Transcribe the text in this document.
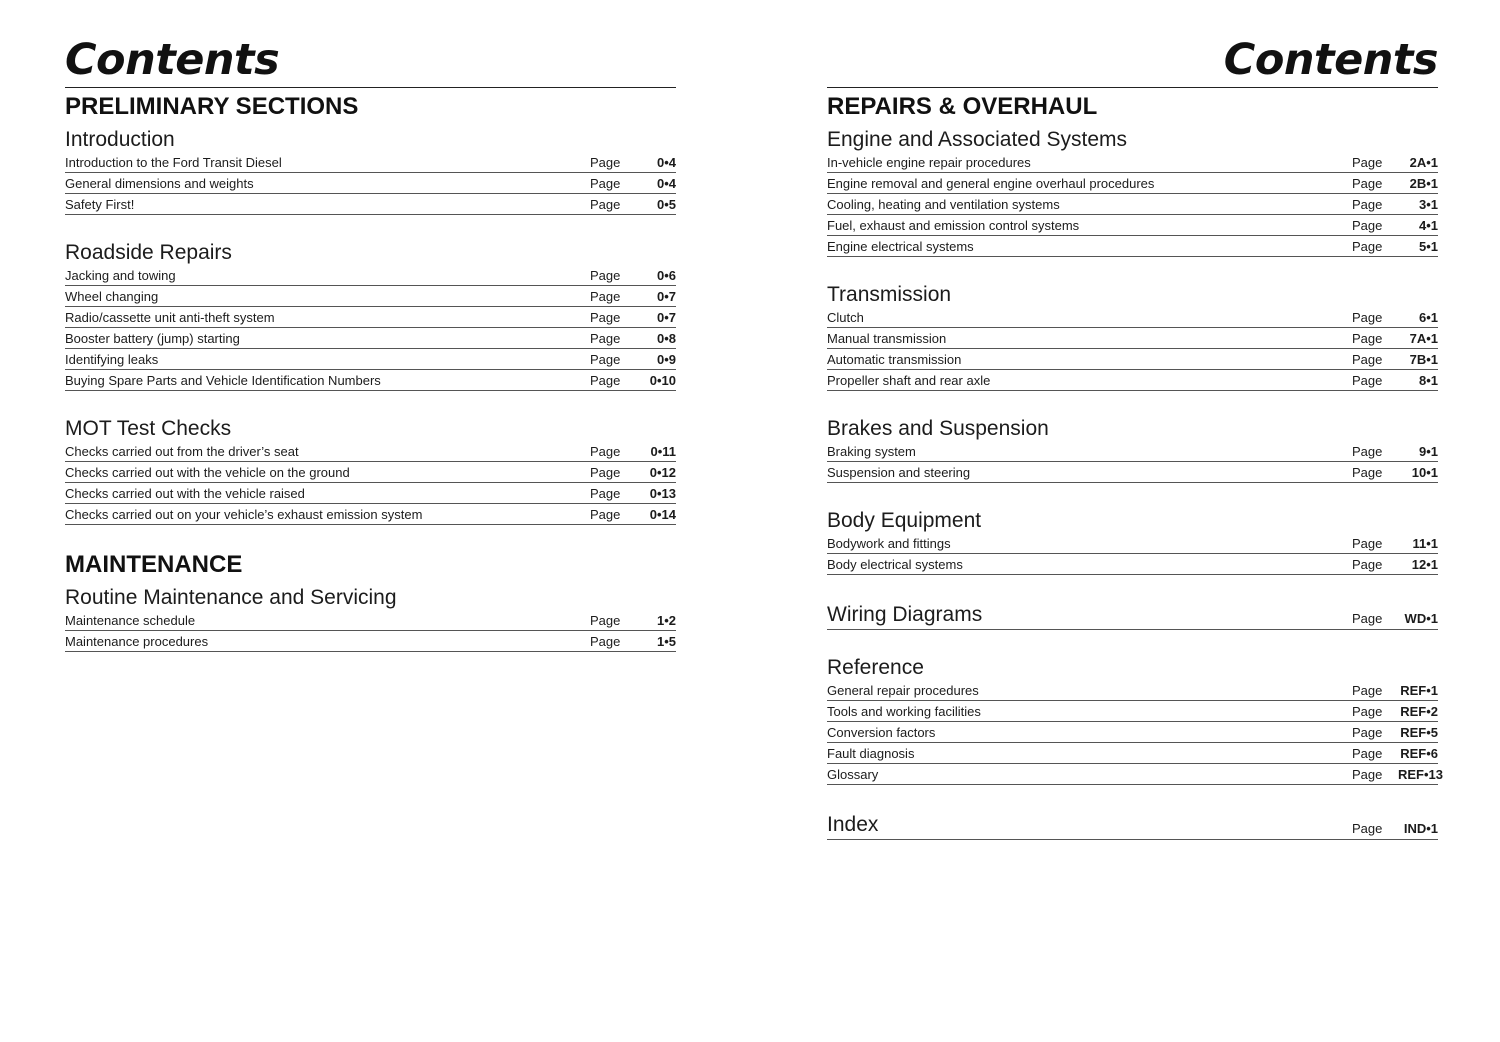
Contents
PRELIMINARY SECTIONS
Introduction
Introduction to the Ford Transit Diesel	Page	0•4
General dimensions and weights	Page	0•4
Safety First!	Page	0•5
Roadside Repairs
Jacking and towing	Page	0•6
Wheel changing	Page	0•7
Radio/cassette unit anti-theft system	Page	0•7
Booster battery (jump) starting	Page	0•8
Identifying leaks	Page	0•9
Buying Spare Parts and Vehicle Identification Numbers	Page	0•10
MOT Test Checks
Checks carried out from the driver’s seat	Page	0•11
Checks carried out with the vehicle on the ground	Page	0•12
Checks carried out with the vehicle raised	Page	0•13
Checks carried out on your vehicle’s exhaust emission system	Page	0•14
MAINTENANCE
Routine Maintenance and Servicing
Maintenance schedule	Page	1•2
Maintenance procedures	Page	1•5
Contents
REPAIRS & OVERHAUL
Engine and Associated Systems
In-vehicle engine repair procedures	Page	2A•1
Engine removal and general engine overhaul procedures	Page	2B•1
Cooling, heating and ventilation systems	Page	3•1
Fuel, exhaust and emission control systems	Page	4•1
Engine electrical systems	Page	5•1
Transmission
Clutch	Page	6•1
Manual transmission	Page	7A•1
Automatic transmission	Page	7B•1
Propeller shaft and rear axle	Page	8•1
Brakes and Suspension
Braking system	Page	9•1
Suspension and steering	Page	10•1
Body Equipment
Bodywork and fittings	Page	11•1
Body electrical systems	Page	12•1
Wiring Diagrams	Page	WD•1
Reference
General repair procedures	Page	REF•1
Tools and working facilities	Page	REF•2
Conversion factors	Page	REF•5
Fault diagnosis	Page	REF•6
Glossary	Page	REF•13
Index	Page	IND•1
